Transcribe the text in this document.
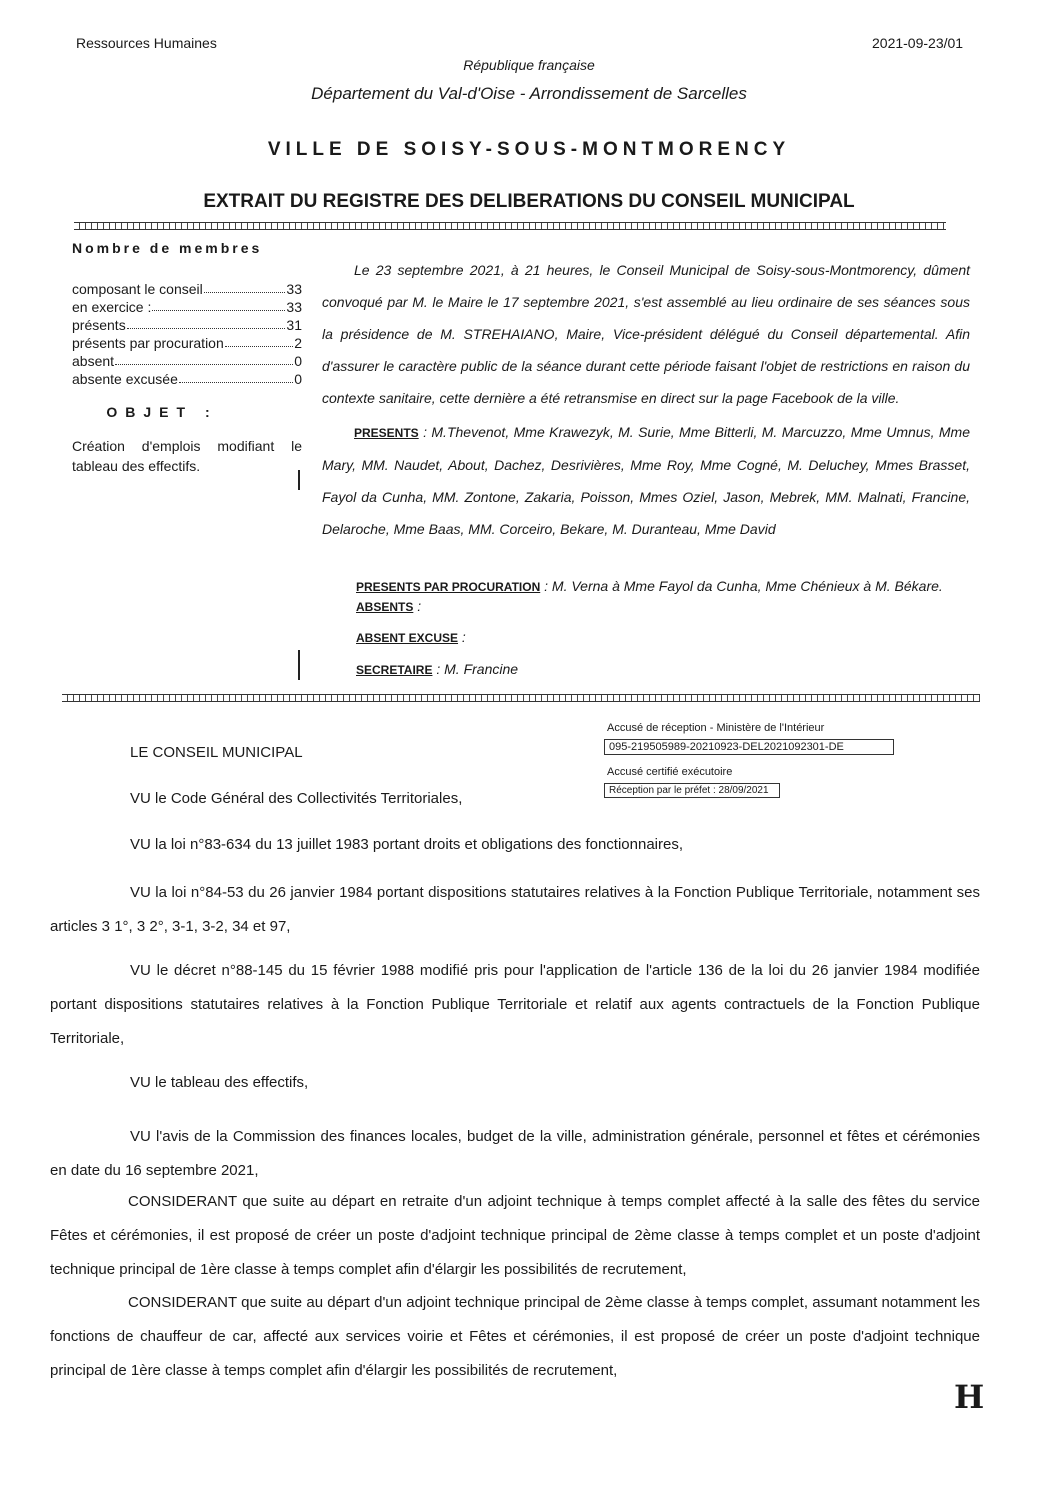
Ressources Humaines	2021-09-23/01
République française
Département du Val-d'Oise - Arrondissement de Sarcelles
VILLE DE SOISY-SOUS-MONTMORENCY
EXTRAIT DU REGISTRE DES DELIBERATIONS DU CONSEIL MUNICIPAL
Nombre de membres
composant le conseil	33
en exercice :	33
présents	31
présents par procuration	2
absent	0
absente excusée	0
OBJET :
Création d'emplois modifiant le tableau des effectifs.

Le 23 septembre 2021, à 21 heures, le Conseil Municipal de Soisy-sous-Montmorency, dûment convoqué par M. le Maire le 17 septembre 2021, s'est assemblé au lieu ordinaire de ses séances sous la présidence de M. STREHAIANO, Maire, Vice-président délégué du Conseil départemental. Afin d'assurer le caractère public de la séance durant cette période faisant l'objet de restrictions en raison du contexte sanitaire, cette dernière a été retransmise en direct sur la page Facebook de la ville.

PRESENTS : M.Thevenot, Mme Krawezyk, M. Surie, Mme Bitterli, M. Marcuzzo, Mme Umnus, Mme Mary, MM. Naudet, About, Dachez, Desrivières, Mme Roy, Mme Cogné, M. Deluchey, Mmes Brasset, Fayol da Cunha, MM. Zontone, Zakaria, Poisson, Mmes Oziel, Jason, Mebrek, MM. Malnati, Francine, Delaroche, Mme Baas, MM. Corceiro, Bekare, M. Duranteau, Mme David

PRESENTS PAR PROCURATION : M. Verna à Mme Fayol da Cunha, Mme Chénieux à M. Békare.
ABSENTS :
ABSENT EXCUSE :
SECRETAIRE : M. Francine
Accusé de réception - Ministère de l'Intérieur
095-219505989-20210923-DEL2021092301-DE
Accusé certifié exécutoire
Réception par le préfet : 28/09/2021
LE CONSEIL MUNICIPAL
VU le Code Général des Collectivités Territoriales,
VU la loi n°83-634 du 13 juillet 1983 portant droits et obligations des fonctionnaires,

VU la loi n°84-53 du 26 janvier 1984 portant dispositions statutaires relatives à la Fonction Publique Territoriale, notamment ses articles 3 1°, 3 2°, 3-1, 3-2, 34 et 97,

VU le décret n°88-145 du 15 février 1988 modifié pris pour l'application de l'article 136 de la loi du 26 janvier 1984 modifiée portant dispositions statutaires relatives à la Fonction Publique Territoriale et relatif aux agents contractuels de la Fonction Publique Territoriale,

VU le tableau des effectifs,

VU l'avis de la Commission des finances locales, budget de la ville, administration générale, personnel et fêtes et cérémonies en date du 16 septembre 2021,

CONSIDERANT que suite au départ en retraite d'un adjoint technique à temps complet affecté à la salle des fêtes du service Fêtes et cérémonies, il est proposé de créer un poste d'adjoint technique principal de 2ème classe à temps complet et un poste d'adjoint technique principal de 1ère classe à temps complet afin d'élargir les possibilités de recrutement,

CONSIDERANT que suite au départ d'un adjoint technique principal de 2ème classe à temps complet, assumant notamment les fonctions de chauffeur de car, affecté aux services voirie et Fêtes et cérémonies, il est proposé de créer un poste d'adjoint technique principal de 1ère classe à temps complet afin d'élargir les possibilités de recrutement,

H
